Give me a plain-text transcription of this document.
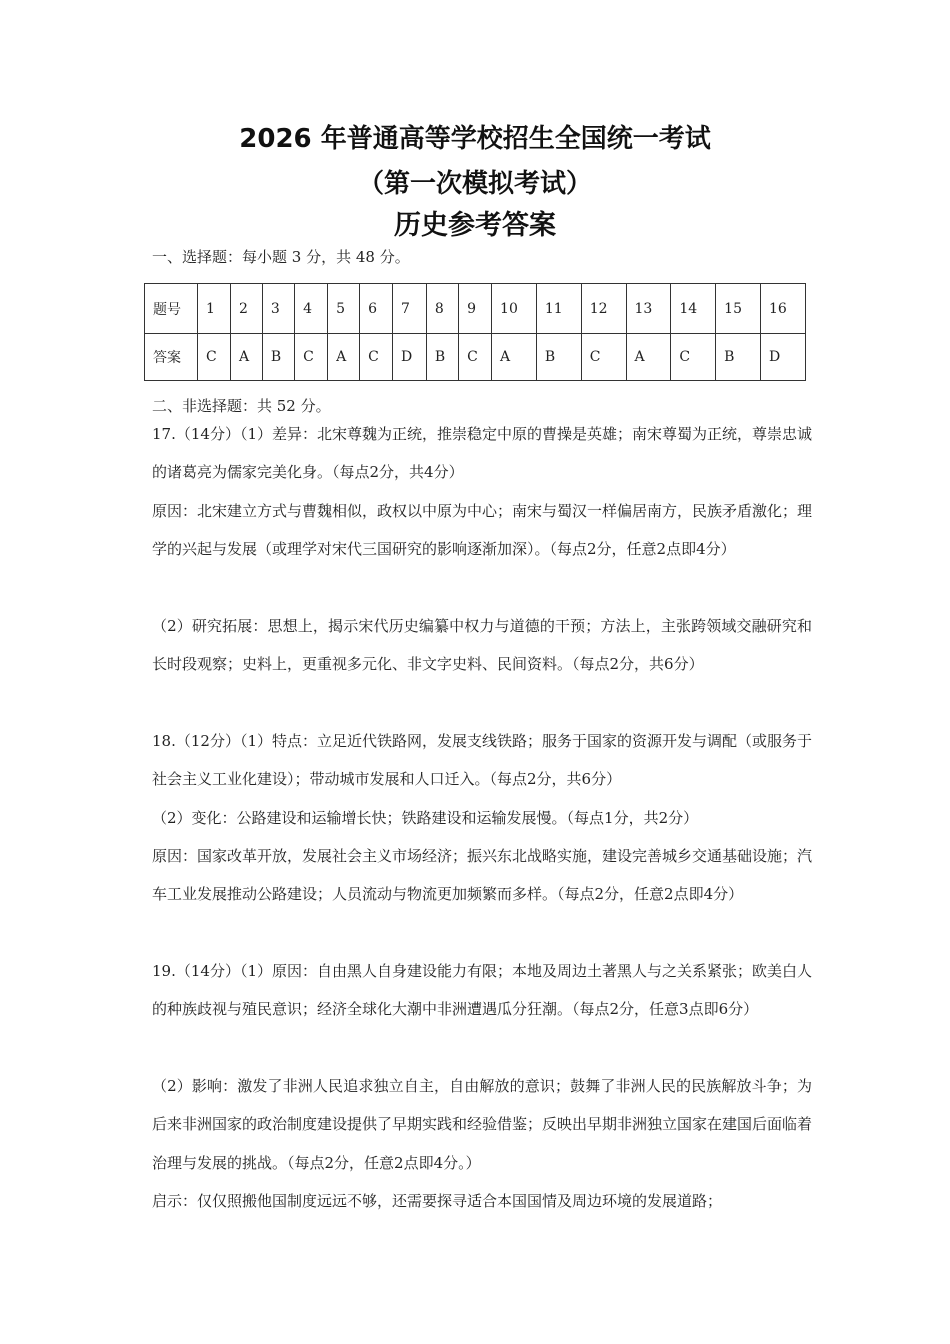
2026 年普通高等学校招生全国统一考试
（第一次模拟考试）
历史参考答案

一、选择题：每小题 3 分，共 48 分。

题号	1	2	3	4	5	6	7	8	9	10	11	12	13	14	15	16
答案	C	A	B	C	A	C	D	B	C	A	B	C	A	C	B	D

二、非选择题：共 52 分。

17.（14分）（1）差异：北宋尊魏为正统，推崇稳定中原的曹操是英雄；南宋尊蜀为正统，尊崇忠诚的诸葛亮为儒家完美化身。（每点2分，共4分）

原因：北宋建立方式与曹魏相似，政权以中原为中心；南宋与蜀汉一样偏居南方，民族矛盾激化；理学的兴起与发展（或理学对宋代三国研究的影响逐渐加深）。（每点2分，任意2点即4分）

（2）研究拓展：思想上，揭示宋代历史编纂中权力与道德的干预；方法上，主张跨领域交融研究和长时段观察；史料上，更重视多元化、非文字史料、民间资料。（每点2分，共6分）

18.（12分）（1）特点：立足近代铁路网，发展支线铁路；服务于国家的资源开发与调配（或服务于社会主义工业化建设）；带动城市发展和人口迁入。（每点2分，共6分）

（2）变化：公路建设和运输增长快；铁路建设和运输发展慢。（每点1分，共2分）

原因：国家改革开放，发展社会主义市场经济；振兴东北战略实施，建设完善城乡交通基础设施；汽车工业发展推动公路建设；人员流动与物流更加频繁而多样。（每点2分，任意2点即4分）

19.（14分）（1）原因：自由黑人自身建设能力有限；本地及周边土著黑人与之关系紧张；欧美白人的种族歧视与殖民意识；经济全球化大潮中非洲遭遇瓜分狂潮。（每点2分，任意3点即6分）

（2）影响：激发了非洲人民追求独立自主，自由解放的意识；鼓舞了非洲人民的民族解放斗争；为后来非洲国家的政治制度建设提供了早期实践和经验借鉴；反映出早期非洲独立国家在建国后面临着治理与发展的挑战。（每点2分，任意2点即4分。）

启示：仅仅照搬他国制度远远不够，还需要探寻适合本国国情及周边环境的发展道路；
